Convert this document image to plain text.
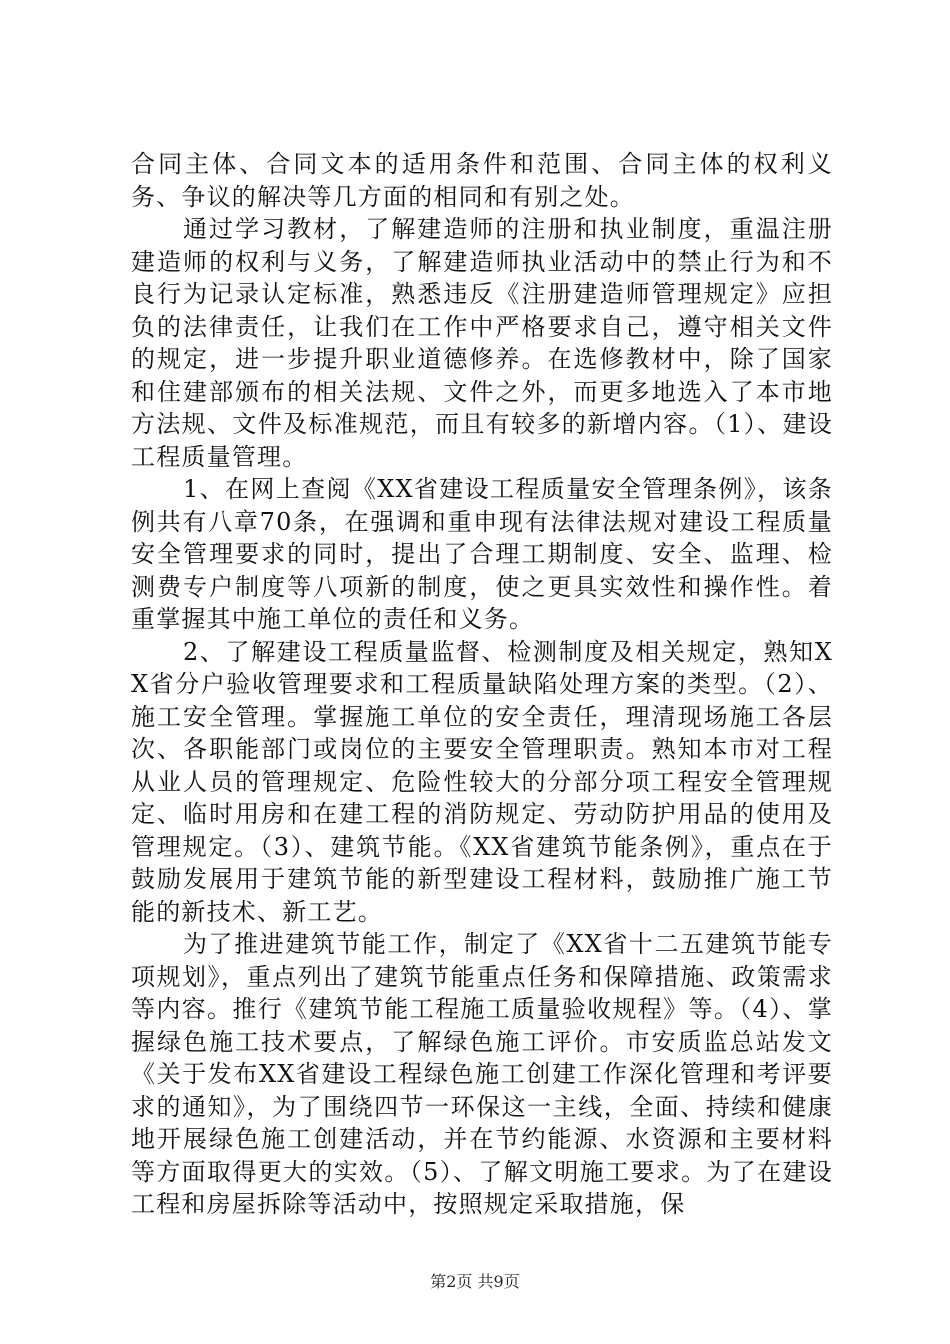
合同主体、合同文本的适用条件和范围、合同主体的权利义务、争议的解决等几方面的相同和有别之处。

通过学习教材，了解建造师的注册和执业制度，重温注册建造师的权利与义务，了解建造师执业活动中的禁止行为和不良行为记录认定标准，熟悉违反《注册建造师管理规定》应担负的法律责任，让我们在工作中严格要求自己，遵守相关文件的规定，进一步提升职业道德修养。在选修教材中，除了国家和住建部颁布的相关法规、文件之外，而更多地选入了本市地方法规、文件及标准规范，而且有较多的新增内容。（1）、建设工程质量管理。

1、在网上查阅《XX省建设工程质量安全管理条例》，该条例共有八章70条，在强调和重申现有法律法规对建设工程质量安全管理要求的同时，提出了合理工期制度、安全、监理、检测费专户制度等八项新的制度，使之更具实效性和操作性。着重掌握其中施工单位的责任和义务。

2、了解建设工程质量监督、检测制度及相关规定，熟知XX省分户验收管理要求和工程质量缺陷处理方案的类型。（2）、施工安全管理。掌握施工单位的安全责任，理清现场施工各层次、各职能部门或岗位的主要安全管理职责。熟知本市对工程从业人员的管理规定、危险性较大的分部分项工程安全管理规定、临时用房和在建工程的消防规定、劳动防护用品的使用及管理规定。（3）、建筑节能。《XX省建筑节能条例》，重点在于鼓励发展用于建筑节能的新型建设工程材料，鼓励推广施工节能的新技术、新工艺。

为了推进建筑节能工作，制定了《XX省十二五建筑节能专项规划》，重点列出了建筑节能重点任务和保障措施、政策需求等内容。推行《建筑节能工程施工质量验收规程》等。（4）、掌握绿色施工技术要点，了解绿色施工评价。市安质监总站发文《关于发布XX省建设工程绿色施工创建工作深化管理和考评要求的通知》，为了围绕四节一环保这一主线，全面、持续和健康地开展绿色施工创建活动，并在节约能源、水资源和主要材料等方面取得更大的实效。（5）、了解文明施工要求。为了在建设工程和房屋拆除等活动中，按照规定采取措施，保

第2页 共9页
